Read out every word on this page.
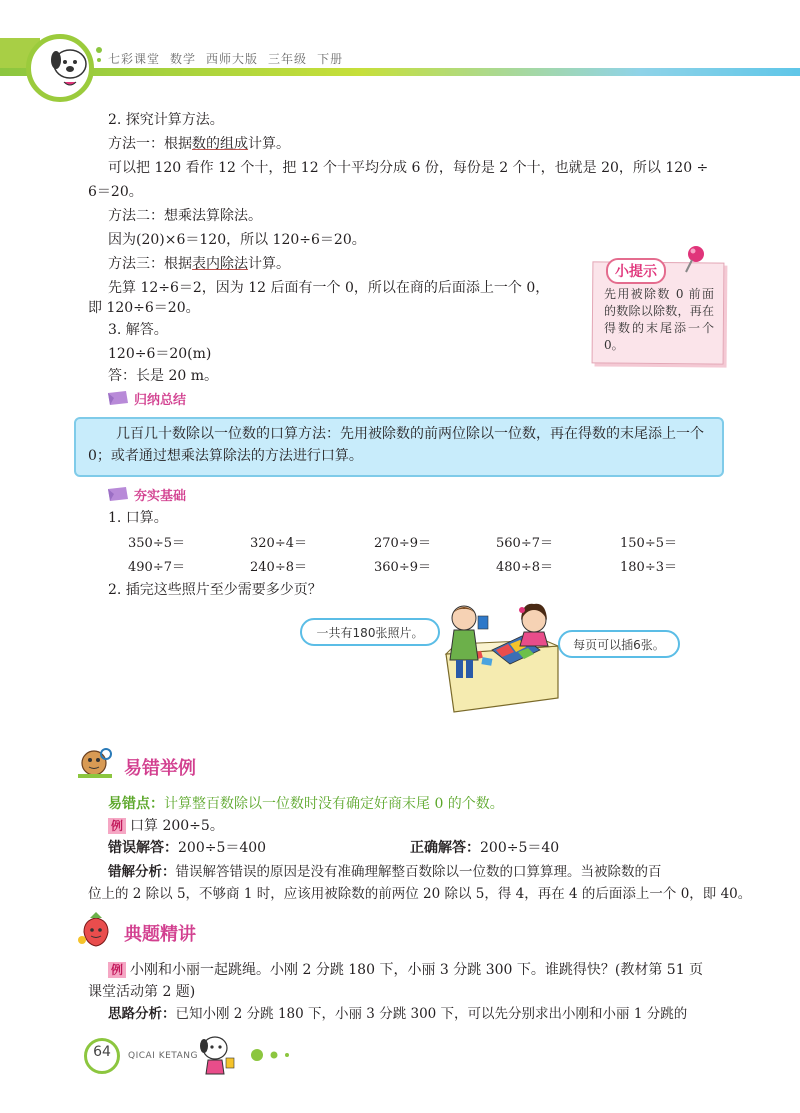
七彩课堂 数学 西师大版 三年级 下册
2. 探究计算方法。
方法一：根据数的组成计算。
可以把 120 看作 12 个十，把 12 个十平均分成 6 份，每份是 2 个十，也就是 20，所以 120 ÷
6＝20。
方法二：想乘法算除法。
因为(20)×6＝120，所以 120÷6＝20。
方法三：根据表内除法计算。
先算 12÷6＝2，因为 12 后面有一个 0，所以在商的后面添上一个 0，
即 120÷6＝20。
3. 解答。
120÷6＝20(m)
答：长是 20 m。
小提示
先用被除数 0 前面的数除以除数，再在得数的末尾添一个 0。
归纳总结
几百几十数除以一位数的口算方法：先用被除数的前两位除以一位数，再在得数的末尾添上一个 0；或者通过想乘法算除法的方法进行口算。
夯实基础
1. 口算。
350÷5＝	320÷4＝	270÷9＝	560÷7＝	150÷5＝
490÷7＝	240÷8＝	360÷9＝	480÷8＝	180÷3＝
2. 插完这些照片至少需要多少页？
一共有180张照片。
每页可以插6张。
易错举例
易错点：计算整百数除以一位数时没有确定好商末尾 0 的个数。
例 口算 200÷5。
错误解答：200÷5＝400	正确解答：200÷5＝40
错解分析：错误解答错误的原因是没有准确理解整百数除以一位数的口算算理。当被除数的百
位上的 2 除以 5，不够商 1 时，应该用被除数的前两位 20 除以 5，得 4，再在 4 的后面添上一个 0，即 40。
典题精讲
例 小刚和小丽一起跳绳。小刚 2 分跳 180 下，小丽 3 分跳 300 下。谁跳得快？(教材第 51 页
课堂活动第 2 题)
思路分析：已知小刚 2 分跳 180 下，小丽 3 分跳 300 下，可以先分别求出小刚和小丽 1 分跳的
64	QICAI KETANG
